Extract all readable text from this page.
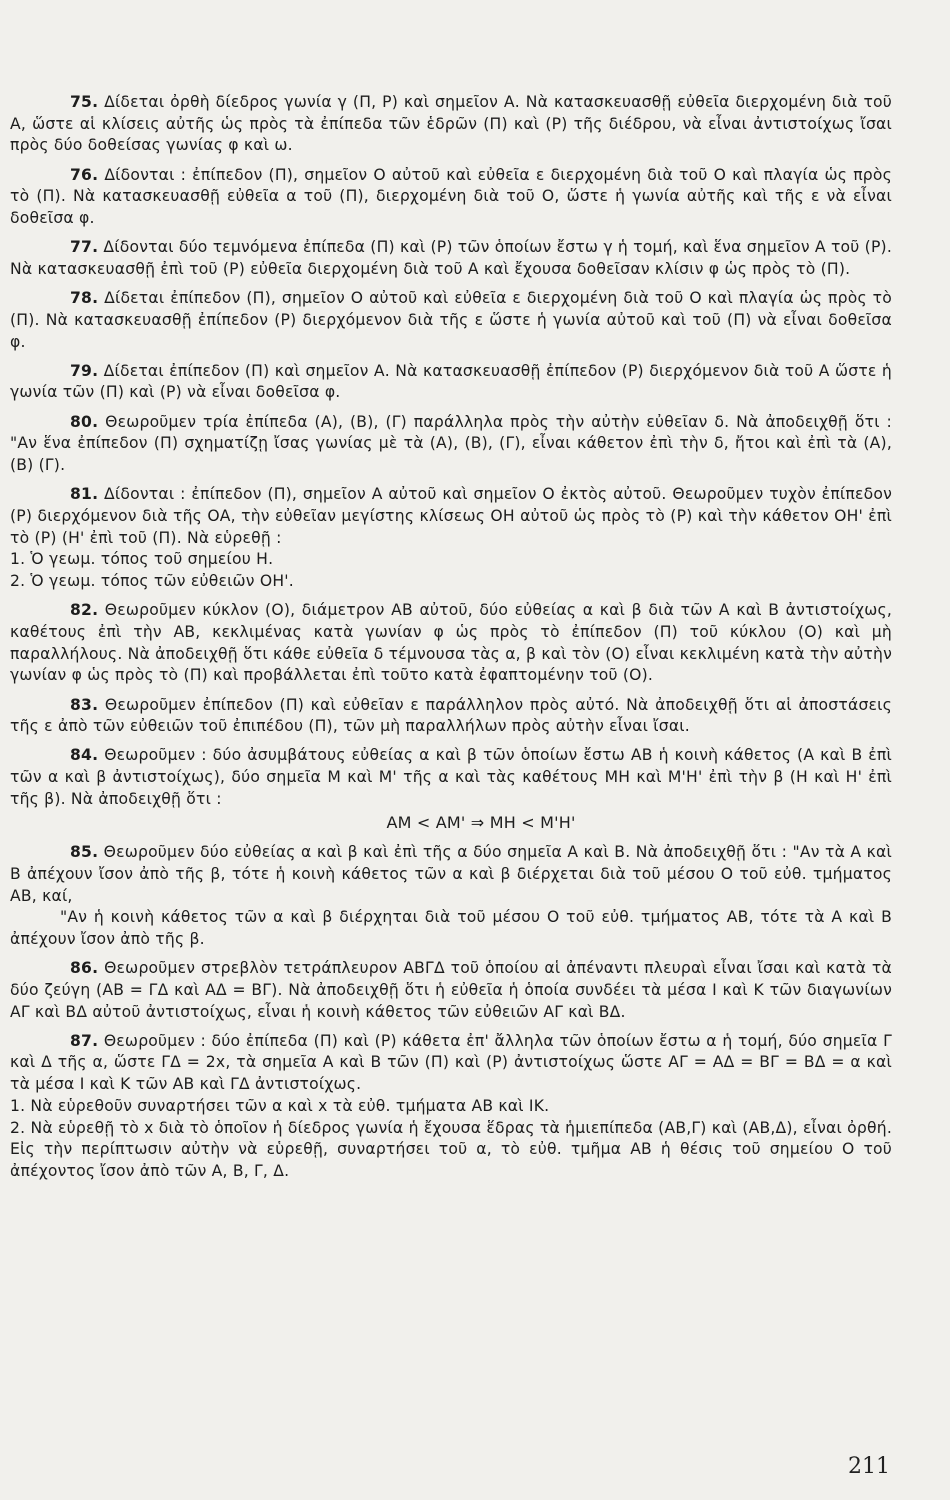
75. Δίδεται ὀρθὴ δίεδρος γωνία γ (Π, Ρ) καὶ σημεῖον Α. Νὰ κατασκευασθῇ εὐθεῖα διερχομένη διὰ τοῦ Α, ὥστε αἱ κλίσεις αὐτῆς ὡς πρὸς τὰ ἐπίπεδα τῶν ἑδρῶν (Π) καὶ (Ρ) τῆς διέδρου, νὰ εἶναι ἀντιστοίχως ἴσαι πρὸς δύο δοθείσας γωνίας φ καὶ ω.
76. Δίδονται : ἐπίπεδον (Π), σημεῖον Ο αὐτοῦ καὶ εὐθεῖα ε διερχομένη διὰ τοῦ Ο καὶ πλαγία ὡς πρὸς τὸ (Π). Νὰ κατασκευασθῇ εὐθεῖα α τοῦ (Π), διερχομένη διὰ τοῦ Ο, ὥστε ἡ γωνία αὐτῆς καὶ τῆς ε νὰ εἶναι δοθεῖσα φ.
77. Δίδονται δύο τεμνόμενα ἐπίπεδα (Π) καὶ (Ρ) τῶν ὁποίων ἔστω γ ἡ τομή, καὶ ἕνα σημεῖον Α τοῦ (Ρ). Νὰ κατασκευασθῇ ἐπὶ τοῦ (Ρ) εὐθεῖα διερχομένη διὰ τοῦ Α καὶ ἔχουσα δοθεῖσαν κλίσιν φ ὡς πρὸς τὸ (Π).
78. Δίδεται ἐπίπεδον (Π), σημεῖον Ο αὐτοῦ καὶ εὐθεῖα ε διερχομένη διὰ τοῦ Ο καὶ πλαγία ὡς πρὸς τὸ (Π). Νὰ κατασκευασθῇ ἐπίπεδον (Ρ) διερχόμενον διὰ τῆς ε ὥστε ἡ γωνία αὐτοῦ καὶ τοῦ (Π) νὰ εἶναι δοθεῖσα φ.
79. Δίδεται ἐπίπεδον (Π) καὶ σημεῖον Α. Νὰ κατασκευασθῇ ἐπίπεδον (Ρ) διερχόμενον διὰ τοῦ Α ὥστε ἡ γωνία τῶν (Π) καὶ (Ρ) νὰ εἶναι δοθεῖσα φ.
80. Θεωροῦμεν τρία ἐπίπεδα (Α), (Β), (Γ) παράλληλα πρὸς τὴν αὐτὴν εὐθεῖαν δ. Νὰ ἀποδειχθῇ ὅτι : "Αν ἕνα ἐπίπεδον (Π) σχηματίζῃ ἴσας γωνίας μὲ τὰ (Α), (Β), (Γ), εἶναι κάθετον ἐπὶ τὴν δ, ἤτοι καὶ ἐπὶ τὰ (Α), (Β) (Γ).
81. Δίδονται : ἐπίπεδον (Π), σημεῖον Α αὐτοῦ καὶ σημεῖον Ο ἐκτὸς αὐτοῦ. Θεωροῦμεν τυχὸν ἐπίπεδον (Ρ) διερχόμενον διὰ τῆς ΟΑ, τὴν εὐθεῖαν μεγίστης κλίσεως ΟΗ αὐτοῦ ὡς πρὸς τὸ (Ρ) καὶ τὴν κάθετον ΟΗ' ἐπὶ τὸ (Ρ) (Η' ἐπὶ τοῦ (Π). Νὰ εὑρεθῇ :
1. Ὁ γεωμ. τόπος τοῦ σημείου Η.
2. Ὁ γεωμ. τόπος τῶν εὐθειῶν ΟΗ'.
82. Θεωροῦμεν κύκλον (Ο), διάμετρον ΑΒ αὐτοῦ, δύο εὐθείας α καὶ β διὰ τῶν Α καὶ Β ἀντιστοίχως, καθέτους ἐπὶ τὴν ΑΒ, κεκλιμένας κατὰ γωνίαν φ ὡς πρὸς τὸ ἐπίπεδον (Π) τοῦ κύκλου (Ο) καὶ μὴ παραλλήλους. Νὰ ἀποδειχθῇ ὅτι κάθε εὐθεῖα δ τέμνουσα τὰς α, β καὶ τὸν (Ο) εἶναι κεκλιμένη κατὰ τὴν αὐτὴν γωνίαν φ ὡς πρὸς τὸ (Π) καὶ προβάλλεται ἐπὶ τοῦτο κατὰ ἐφαπτομένην τοῦ (Ο).
83. Θεωροῦμεν ἐπίπεδον (Π) καὶ εὐθεῖαν ε παράλληλον πρὸς αὐτό. Νὰ ἀποδειχθῇ ὅτι αἱ ἀποστάσεις τῆς ε ἀπὸ τῶν εὐθειῶν τοῦ ἐπιπέδου (Π), τῶν μὴ παραλλήλων πρὸς αὐτὴν εἶναι ἴσαι.
84. Θεωροῦμεν : δύο ἀσυμβάτους εὐθείας α καὶ β τῶν ὁποίων ἔστω ΑΒ ἡ κοινὴ κάθετος (Α καὶ Β ἐπὶ τῶν α καὶ β ἀντιστοίχως), δύο σημεῖα Μ καὶ Μ' τῆς α καὶ τὰς καθέτους ΜΗ καὶ Μ'Η' ἐπὶ τὴν β (Η καὶ Η' ἐπὶ τῆς β). Νὰ ἀποδειχθῇ ὅτι :
ΑΜ < ΑΜ' ⇒ ΜΗ < Μ'Η'
85. Θεωροῦμεν δύο εὐθείας α καὶ β καὶ ἐπὶ τῆς α δύο σημεῖα Α καὶ Β. Νὰ ἀποδειχθῇ ὅτι : "Αν τὰ Α καὶ Β ἀπέχουν ἴσον ἀπὸ τῆς β, τότε ἡ κοινὴ κάθετος τῶν α καὶ β διέρχεται διὰ τοῦ μέσου Ο τοῦ εὐθ. τμήματος ΑΒ, καί,
"Αν ἡ κοινὴ κάθετος τῶν α καὶ β διέρχηται διὰ τοῦ μέσου Ο τοῦ εὐθ. τμήματος ΑΒ, τότε τὰ Α καὶ Β ἀπέχουν ἴσον ἀπὸ τῆς β.
86. Θεωροῦμεν στρεβλὸν τετράπλευρον ΑΒΓΔ τοῦ ὁποίου αἱ ἀπέναντι πλευραὶ εἶναι ἴσαι καὶ κατὰ τὰ δύο ζεύγη (ΑΒ = ΓΔ καὶ ΑΔ = ΒΓ). Νὰ ἀποδειχθῇ ὅτι ἡ εὐθεῖα ἡ ὁποία συνδέει τὰ μέσα Ι καὶ Κ τῶν διαγωνίων ΑΓ καὶ ΒΔ αὐτοῦ ἀντιστοίχως, εἶναι ἡ κοινὴ κάθετος τῶν εὐθειῶν ΑΓ καὶ ΒΔ.
87. Θεωροῦμεν : δύο ἐπίπεδα (Π) καὶ (Ρ) κάθετα ἐπ' ἄλληλα τῶν ὁποίων ἔστω α ἡ τομή, δύο σημεῖα Γ καὶ Δ τῆς α, ὥστε ΓΔ = 2x, τὰ σημεῖα Α καὶ Β τῶν (Π) καὶ (Ρ) ἀντιστοίχως ὥστε ΑΓ = ΑΔ = ΒΓ = ΒΔ = α καὶ τὰ μέσα Ι καὶ Κ τῶν ΑΒ καὶ ΓΔ ἀντιστοίχως.
1. Νὰ εὑρεθοῦν συναρτήσει τῶν α καὶ x τὰ εὐθ. τμήματα ΑΒ καὶ ΙΚ.
2. Νὰ εὑρεθῇ τὸ x διὰ τὸ ὁποῖον ἡ δίεδρος γωνία ἡ ἔχουσα ἕδρας τὰ ἡμιεπίπεδα (ΑΒ,Γ) καὶ (ΑΒ,Δ), εἶναι ὀρθή. Εἰς τὴν περίπτωσιν αὐτὴν νὰ εὑρεθῇ, συναρτήσει τοῦ α, τὸ εὐθ. τμῆμα ΑΒ ἡ θέσις τοῦ σημείου Ο τοῦ ἀπέχοντος ἴσον ἀπὸ τῶν Α, Β, Γ, Δ.
211
